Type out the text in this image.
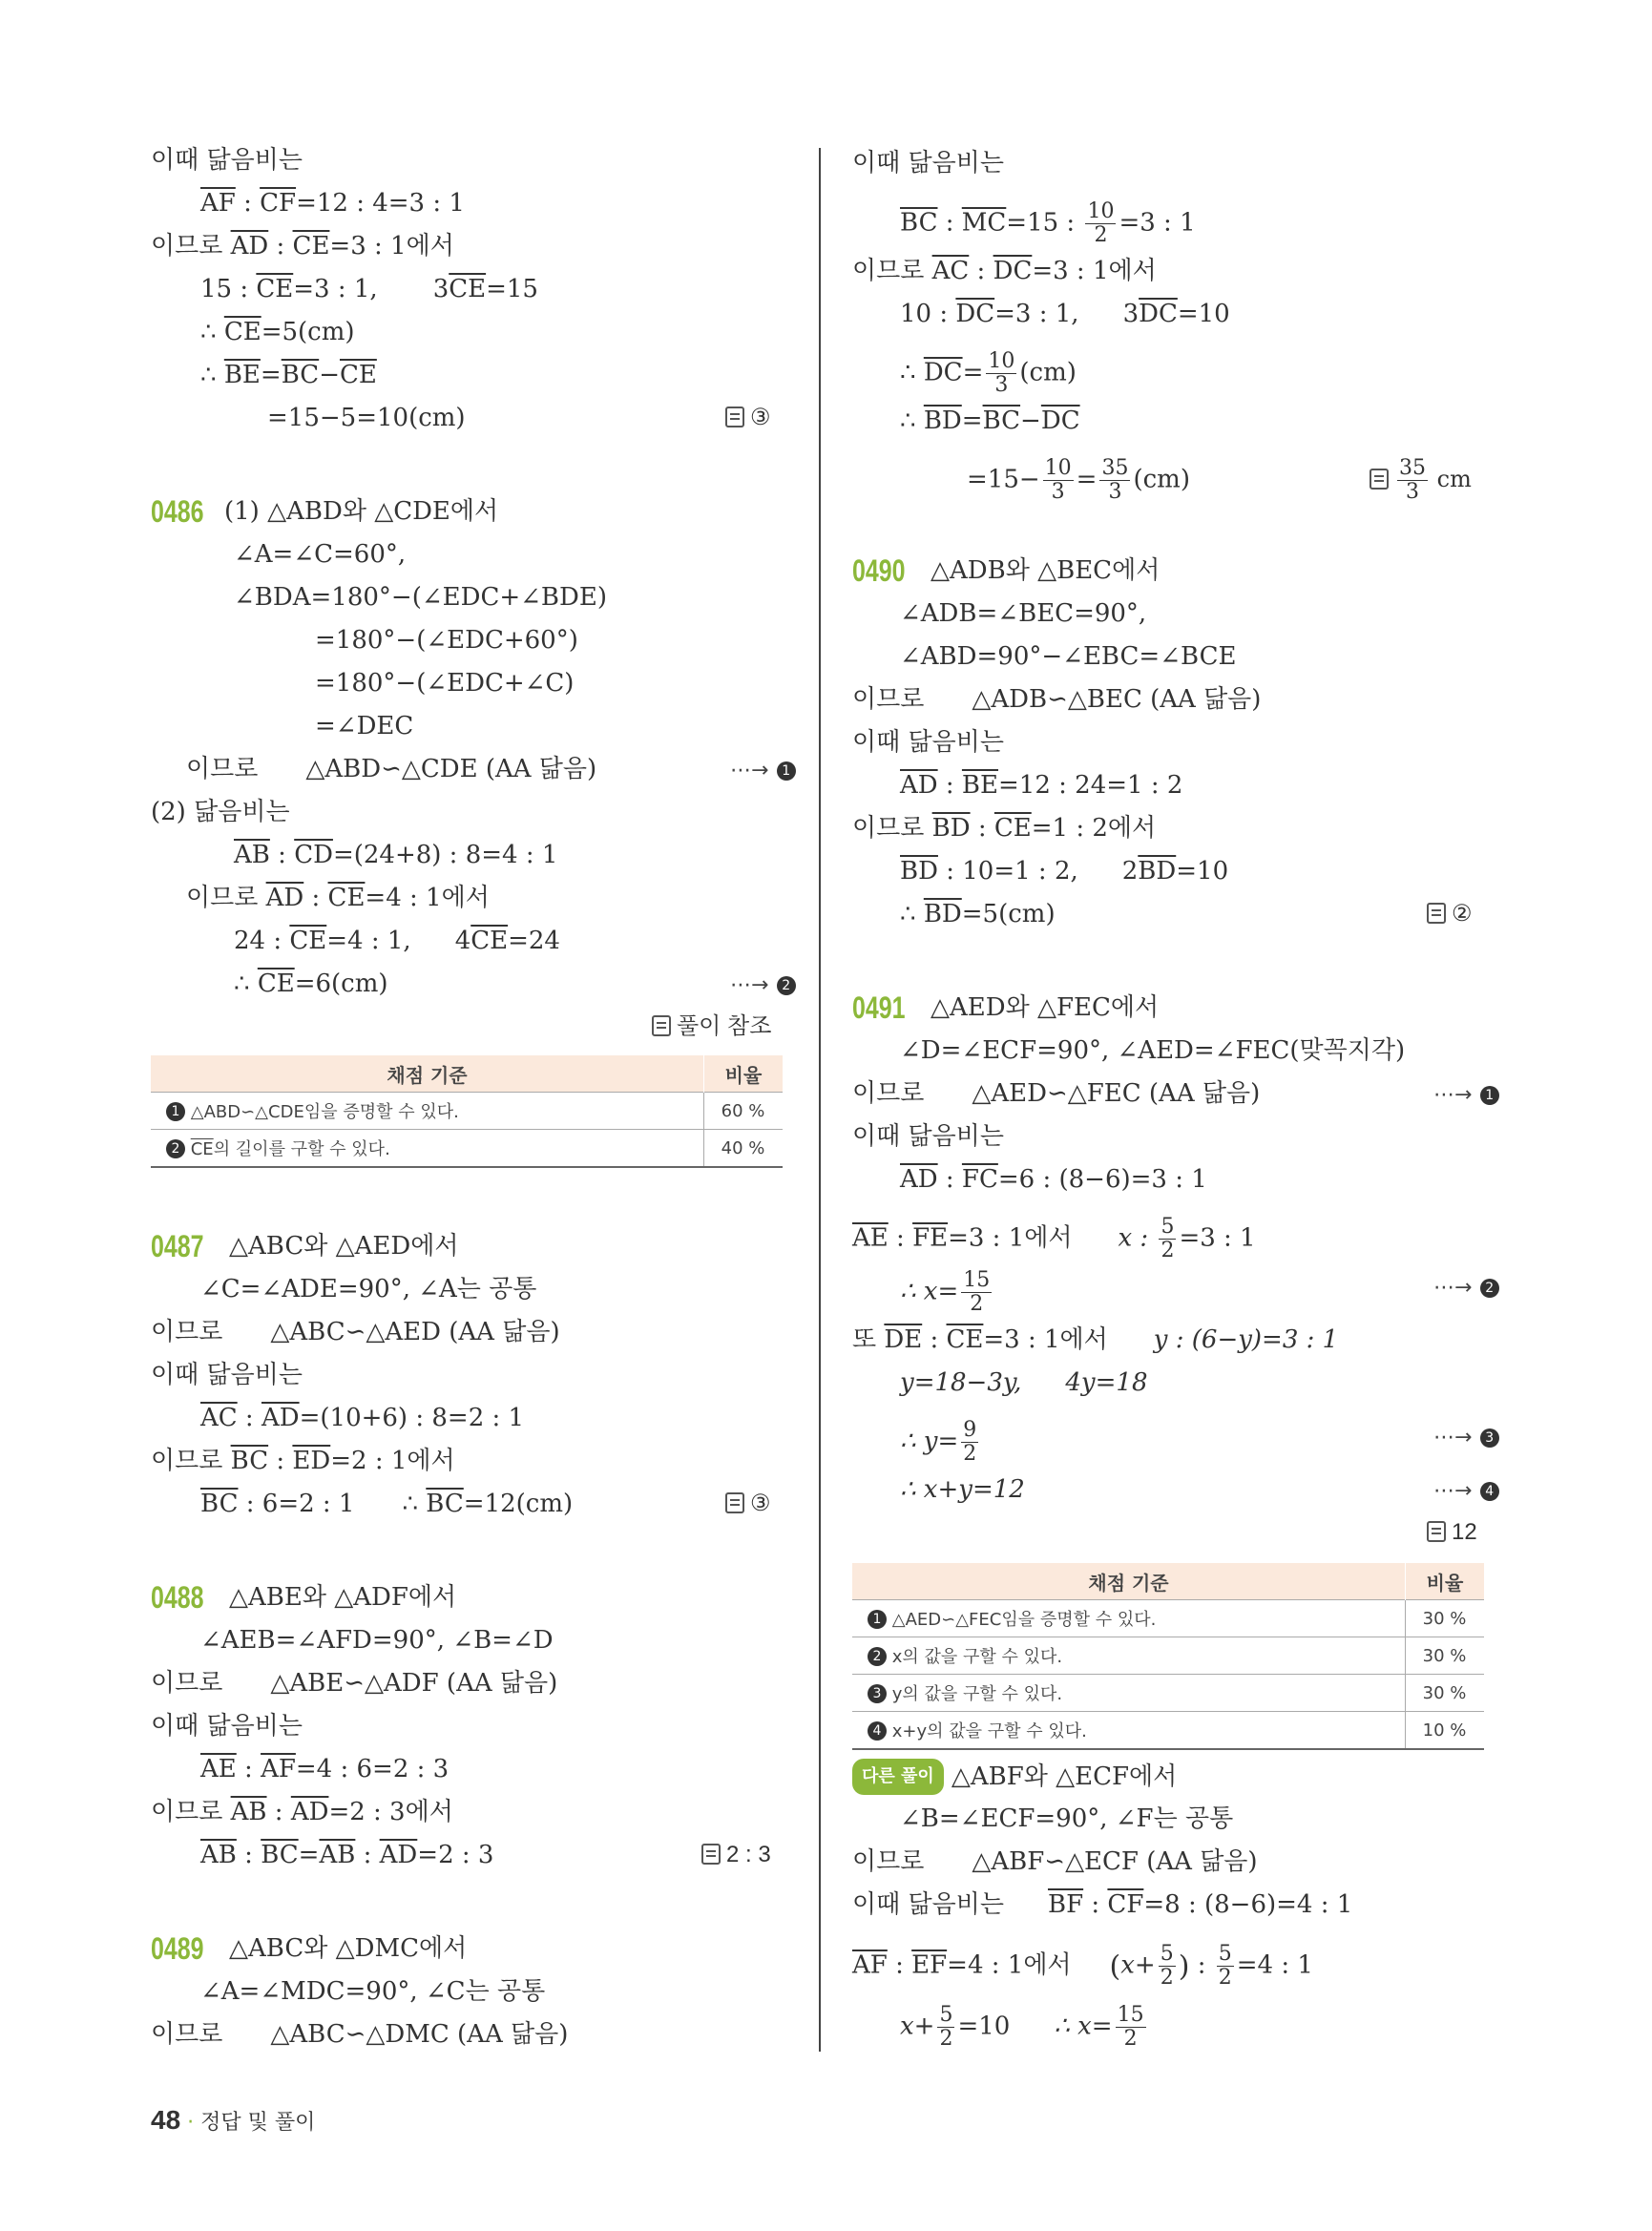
이때 닮음비는
$\overline{AF}$ : $\overline{CF}=12$ : 4=3 : 1
이므로 $\overline{AD}$ : $\overline{CE}=3$ : 1에서
15 : $\overline{CE}=3$ : 1, $3\overline{CE}=15$
∴ $\overline{CE}=5(cm)$
∴ $\overline{BE}=\overline{BC}-\overline{CE}$
=15−5=10(cm)	③
0486 (1) △ABD와 △CDE에서
∠A=∠C=60°,
∠BDA=180°−(∠EDC+∠BDE)
=180°−(∠EDC+60°)
=180°−(∠EDC+∠C)
=∠DEC
이므로 △ABD∽△CDE (AA 닮음)	⋯→ 1
(2) 닮음비는
$\overline{AB}$ : $\overline{CD}=(24+8)$ : 8=4 : 1
이므로 $\overline{AD}$ : $\overline{CE}=4$ : 1에서
24 : $\overline{CE}=4$ : 1, $4\overline{CE}=24$
∴ $\overline{CE}=6(cm)$	⋯→ 2
풀이 참조
채점 기준	비율
1 △ABD∽△CDE임을 증명할 수 있다.	60 %
2 $\overline{CE}$의 길이를 구할 수 있다.	40 %
0487	△ABC와 △AED에서
∠C=∠ADE=90°, ∠A는 공통
이므로 △ABC∽△AED (AA 닮음)
이때 닮음비는
$\overline{AC}$ : $\overline{AD}=(10+6)$ : 8=2 : 1
이므로 $\overline{BC}$ : $\overline{ED}=2$ : 1에서
$\overline{BC}$ : 6=2 : 1 ∴ $\overline{BC}=12(cm)$	③
0488	△ABE와 △ADF에서
∠AEB=∠AFD=90°, ∠B=∠D
이므로 △ABE∽△ADF (AA 닮음)
이때 닮음비는
$\overline{AE}$ : $\overline{AF}=4$ : 6=2 : 3
이므로 $\overline{AB}$ : $\overline{AD}=2$ : 3에서
$\overline{AB}$ : $\overline{BC}=\overline{AB}$ : $\overline{AD}=2$ : 3	2 : 3
0489	△ABC와 △DMC에서
∠A=∠MDC=90°, ∠C는 공통
이므로 △ABC∽△DMC (AA 닮음)
이때 닮음비는
$\overline{BC}$ : $\overline{MC}=15$ : $\frac{10}{2} =3$ : 1
이므로 $\overline{AC}$ : $\overline{DC}=3$ : 1에서
10 : $\overline{DC}=3$ : 1, $3\overline{DC}=10$
∴ $\overline{DC}= \frac{10}{3} (cm)$
∴ $\overline{BD}=\overline{BC}-\overline{DC}$
$=15- \frac{10}{3} = \frac{35}{3} (cm)$	$\frac{35}{3}$ cm
0490	△ADB와 △BEC에서
∠ADB=∠BEC=90°,
∠ABD=90°−∠EBC=∠BCE
이므로 △ADB∽△BEC (AA 닮음)
이때 닮음비는
$\overline{AD}$ : $\overline{BE}=12$ : 24=1 : 2
이므로 $\overline{BD}$ : $\overline{CE}=1$ : 2에서
$\overline{BD}$ : 10=1 : 2, $2\overline{BD}=10$
∴ $\overline{BD}=5(cm)$	②
0491	△AED와 △FEC에서
∠D=∠ECF=90°, ∠AED=∠FEC(맞꼭지각)
이므로 △AED∽△FEC (AA 닮음)	⋯→ 1
이때 닮음비는
$\overline{AD}$ : $\overline{FC}=6$ : (8−6)=3 : 1
$\overline{AE}$ : $\overline{FE}=3$ : 1에서 x : $\frac{5}{2} =3$ : 1
∴ $x= \frac{15}{2}$	⋯→ 2
또 $\overline{DE}$ : $\overline{CE}=3$ : 1에서 y : (6−y)=3 : 1
y=18−3y, 4y=18
∴ $y= \frac{9}{2}$	⋯→ 3
∴ x+y=12	⋯→ 4
12
채점 기준	비율
1 △AED∽△FEC임을 증명할 수 있다.	30 %
2 x의 값을 구할 수 있다.	30 %
3 y의 값을 구할 수 있다.	30 %
4 x+y의 값을 구할 수 있다.	10 %
다른 풀이 △ABF와 △ECF에서
∠B=∠ECF=90°, ∠F는 공통
이므로 △ABF∽△ECF (AA 닮음)
이때 닮음비는 $\overline{BF}$ : $\overline{CF}=8$ : (8−6)=4 : 1
$\overline{AF}$ : $\overline{EF}=4$ : 1에서 ($x+ \frac{5}{2}$ ) : $\frac{5}{2} =4$ : 1
$x+ \frac{5}{2} =10$ ∴ $x= \frac{15}{2}$
48 · 정답 및 풀이
